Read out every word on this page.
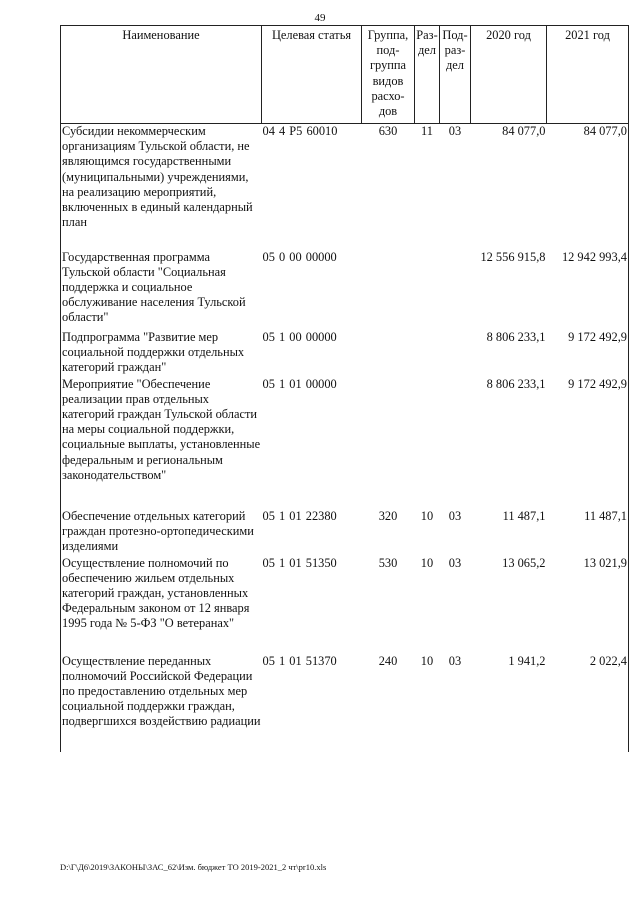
49
Наименование	Целевая статья	Группа, под-группа видов расхо-дов	Раз-дел	Под-раз-дел	2020 год	2021 год
Субсидии некоммерческим организациям Тульской области, не являющимся государственными (муниципальными) учреждениями, на реализацию мероприятий, включенных в единый календарный план	04 4 P5 60010	630	11	03	84 077,0	84 077,0
Государственная программа Тульской области "Социальная поддержка и социальное обслуживание населения Тульской области"	05 0 00 00000				12 556 915,8	12 942 993,4
Подпрограмма "Развитие мер социальной поддержки отдельных категорий граждан"	05 1 00 00000				8 806 233,1	9 172 492,9
Мероприятие "Обеспечение реализации прав отдельных категорий граждан Тульской области на меры социальной поддержки, социальные выплаты, установленные федеральным и региональным законодательством"	05 1 01 00000				8 806 233,1	9 172 492,9
Обеспечение отдельных категорий граждан протезно-ортопедическими изделиями	05 1 01 22380	320	10	03	11 487,1	11 487,1
Осуществление полномочий по обеспечению жильем отдельных категорий граждан, установленных Федеральным законом от 12 января 1995 года № 5-ФЗ "О ветеранах"	05 1 01 51350	530	10	03	13 065,2	13 021,9
Осуществление переданных полномочий Российской Федерации по предоставлению отдельных мер социальной поддержки граждан, подвергшихся воздействию радиации	05 1 01 51370	240	10	03	1 941,2	2 022,4
D:\Г\Д6\2019\ЗАКОНЫ\ЗАС_62\Изм. бюджет ТО 2019-2021_2 чт\pr10.xls
